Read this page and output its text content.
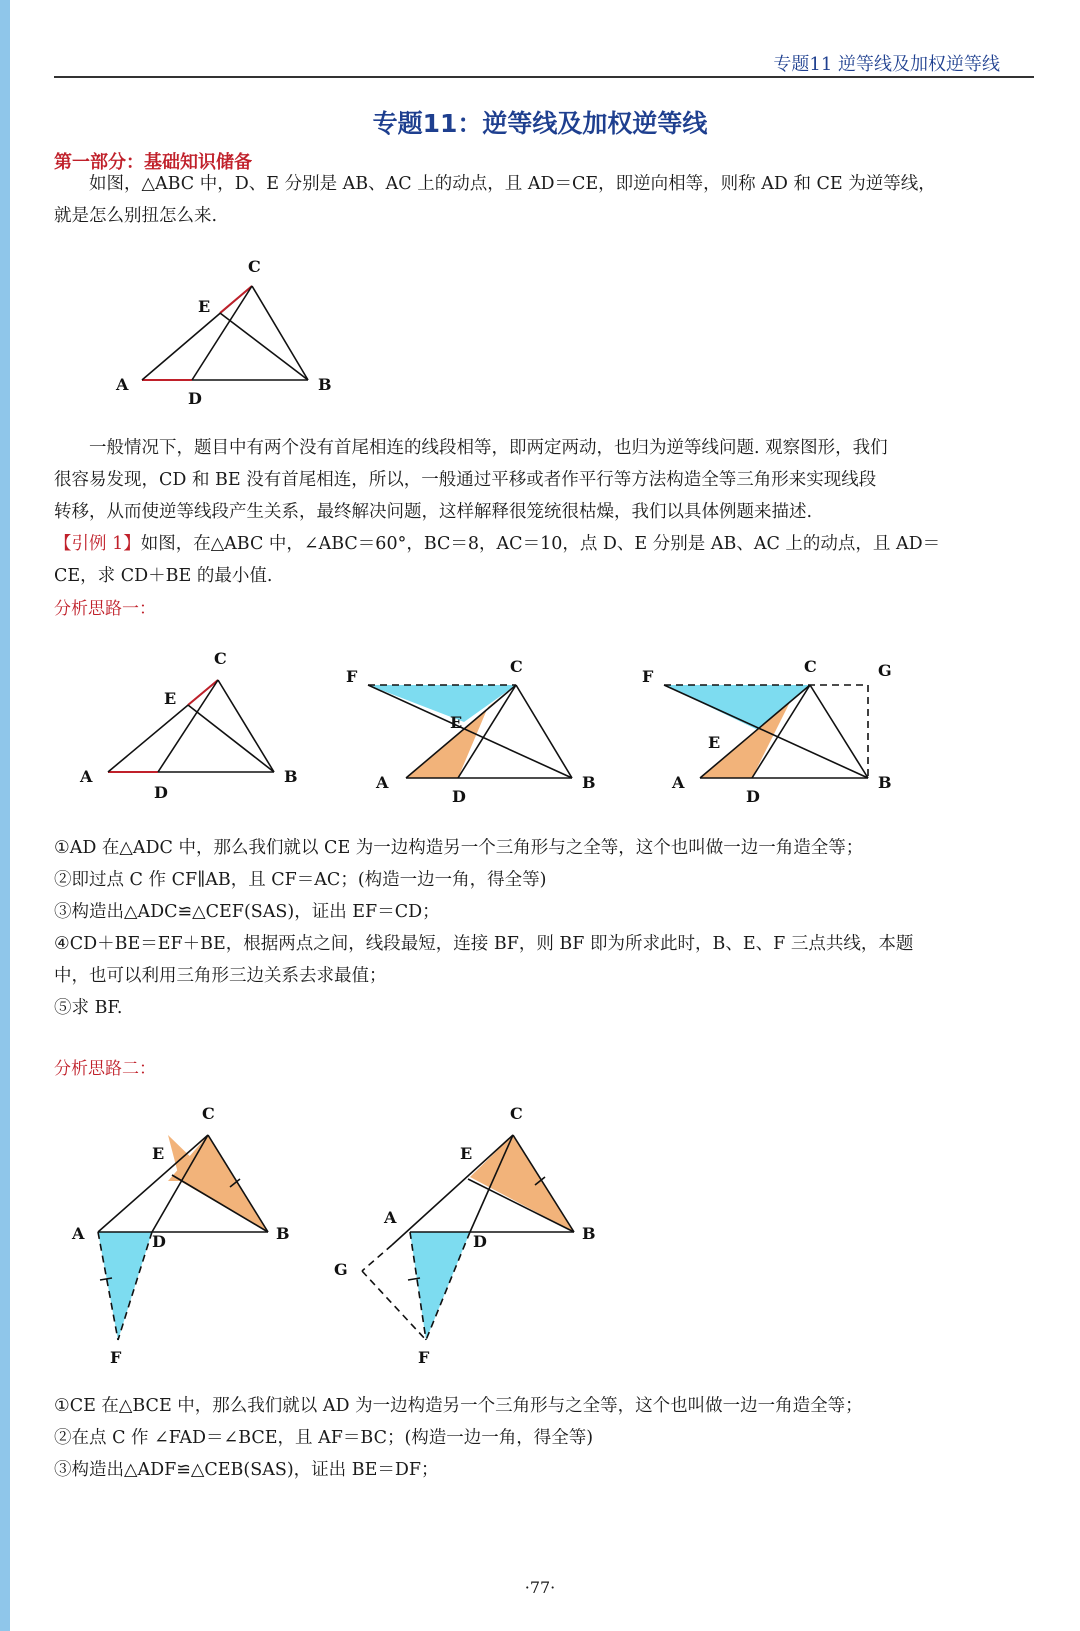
专题11 逆等线及加权逆等线
专题11：逆等线及加权逆等线
第一部分：基础知识储备

如图，△ABC 中，D、E 分别是 AB、AC 上的动点，且 AD＝CE，即逆向相等，则称 AD 和 CE 为逆等线，

就是怎么别扭怎么来.

C
E
A
D
B

一般情况下，题目中有两个没有首尾相连的线段相等，即两定两动，也归为逆等线问题. 观察图形，我们

很容易发现，CD 和 BE 没有首尾相连，所以，一般通过平移或者作平行等方法构造全等三角形来实现线段

转移，从而使逆等线段产生关系，最终解决问题，这样解释很笼统很枯燥，我们以具体例题来描述.

【引例 1】如图，在△ABC 中，∠ABC＝60°，BC＝8，AC＝10，点 D、E 分别是 AB、AC 上的动点，且 AD＝

CE，求 CD＋BE 的最小值.

分析思路一：
C
E
A
D
B
F
C
E
A
D
B
F
C	G
E
A
D
B

①AD 在△ADC 中，那么我们就以 CE 为一边构造另一个三角形与之全等，这个也叫做一边一角造全等；

②即过点 C 作 CF∥AB，且 CF＝AC；(构造一边一角，得全等)

③构造出△ADC≌△CEF(SAS)，证出 EF＝CD；

④CD＋BE＝EF＋BE，根据两点之间，线段最短，连接 BF，则 BF 即为所求此时，B、E、F 三点共线，本题

中，也可以利用三角形三边关系去求最值；

⑤求 BF.

分析思路二：
C
E
A	D	B
F
C
E
A
D	B
G
F

①CE 在△BCE 中，那么我们就以 AD 为一边构造另一个三角形与之全等，这个也叫做一边一角造全等；

②在点 C 作 ∠FAD＝∠BCE，且 AF＝BC；(构造一边一角，得全等)

③构造出△ADF≌△CEB(SAS)，证出 BE＝DF；

·77·
